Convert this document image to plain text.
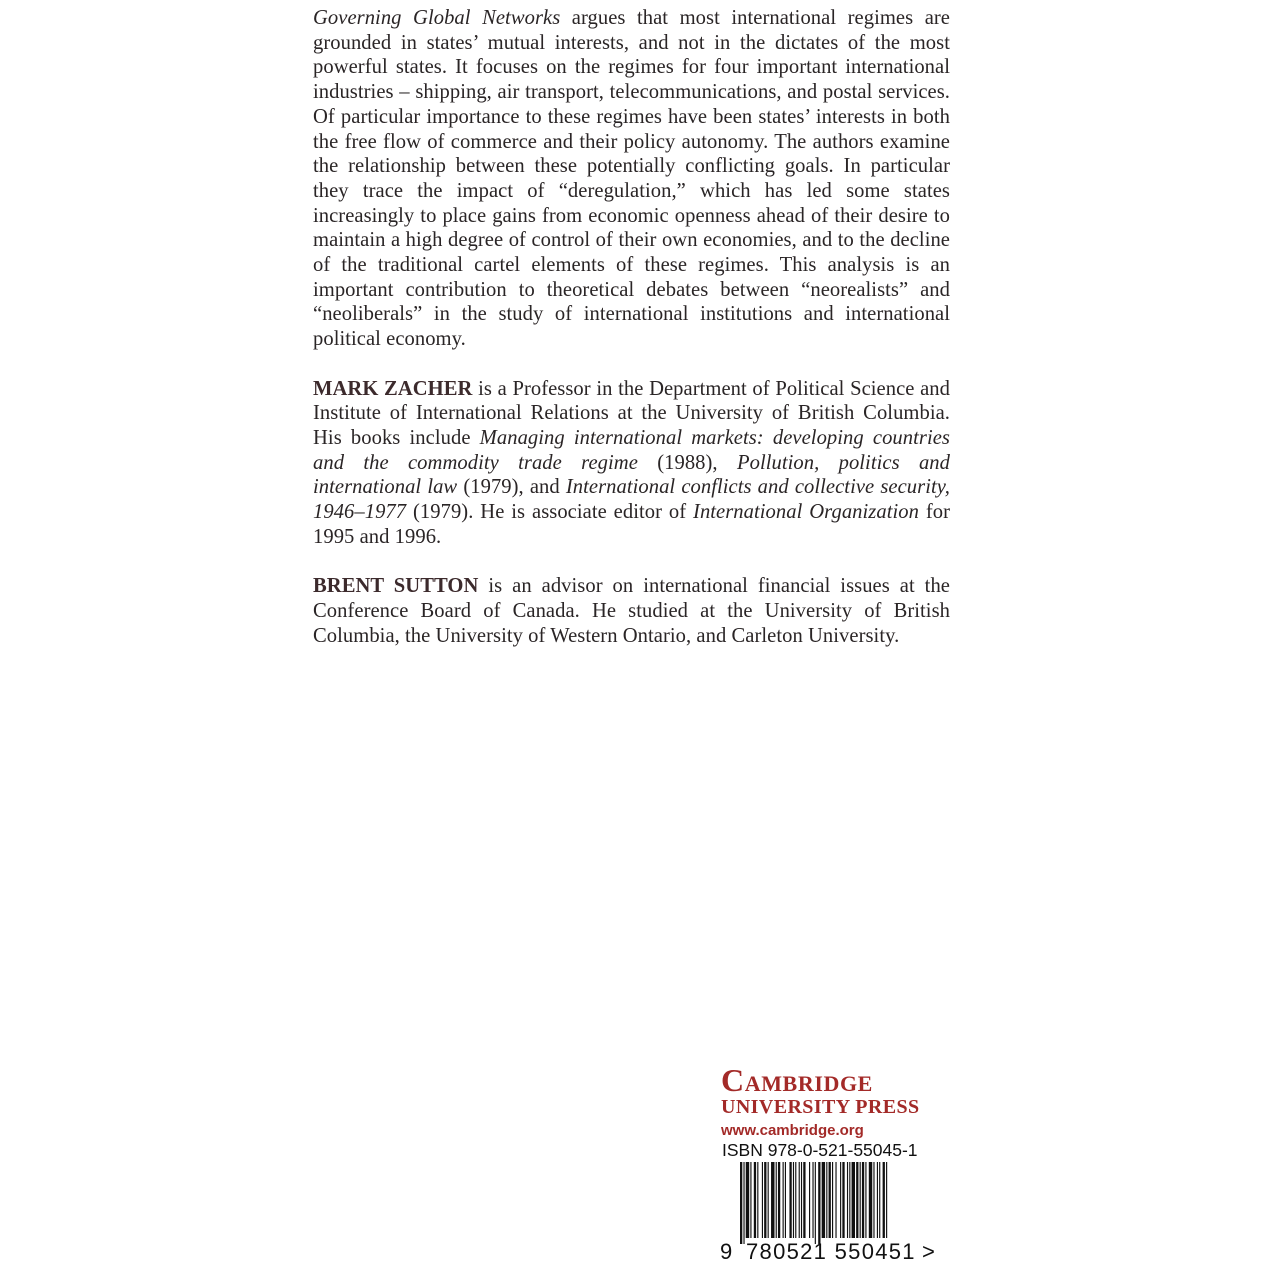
Governing Global Networks argues that most international regimes are grounded in states’ mutual interests, and not in the dictates of the most powerful states. It focuses on the regimes for four important international industries – shipping, air transport, telecommunications, and postal services. Of particular importance to these regimes have been states’ interests in both the free flow of commerce and their policy autonomy. The authors examine the relationship between these potentially conflicting goals. In particular they trace the impact of “deregulation,” which has led some states increasingly to place gains from economic openness ahead of their desire to maintain a high degree of control of their own economies, and to the decline of the traditional cartel elements of these regimes. This analysis is an important contribution to theoretical debates between “neorealists” and “neoliberals” in the study of international institutions and international political economy.

MARK ZACHER is a Professor in the Department of Political Science and Institute of International Relations at the University of British Columbia. His books include Managing international markets: developing countries and the commodity trade regime (1988), Pollution, politics and international law (1979), and International conflicts and collective security, 1946–1977 (1979). He is associate editor of International Organization for 1995 and 1996.

BRENT SUTTON is an advisor on international financial issues at the Conference Board of Canada. He studied at the University of British Columbia, the University of Western Ontario, and Carleton University.

Cambridge
UNIVERSITY PRESS
www.cambridge.org
ISBN 978-0-521-55045-1
9 780521 550451 >
